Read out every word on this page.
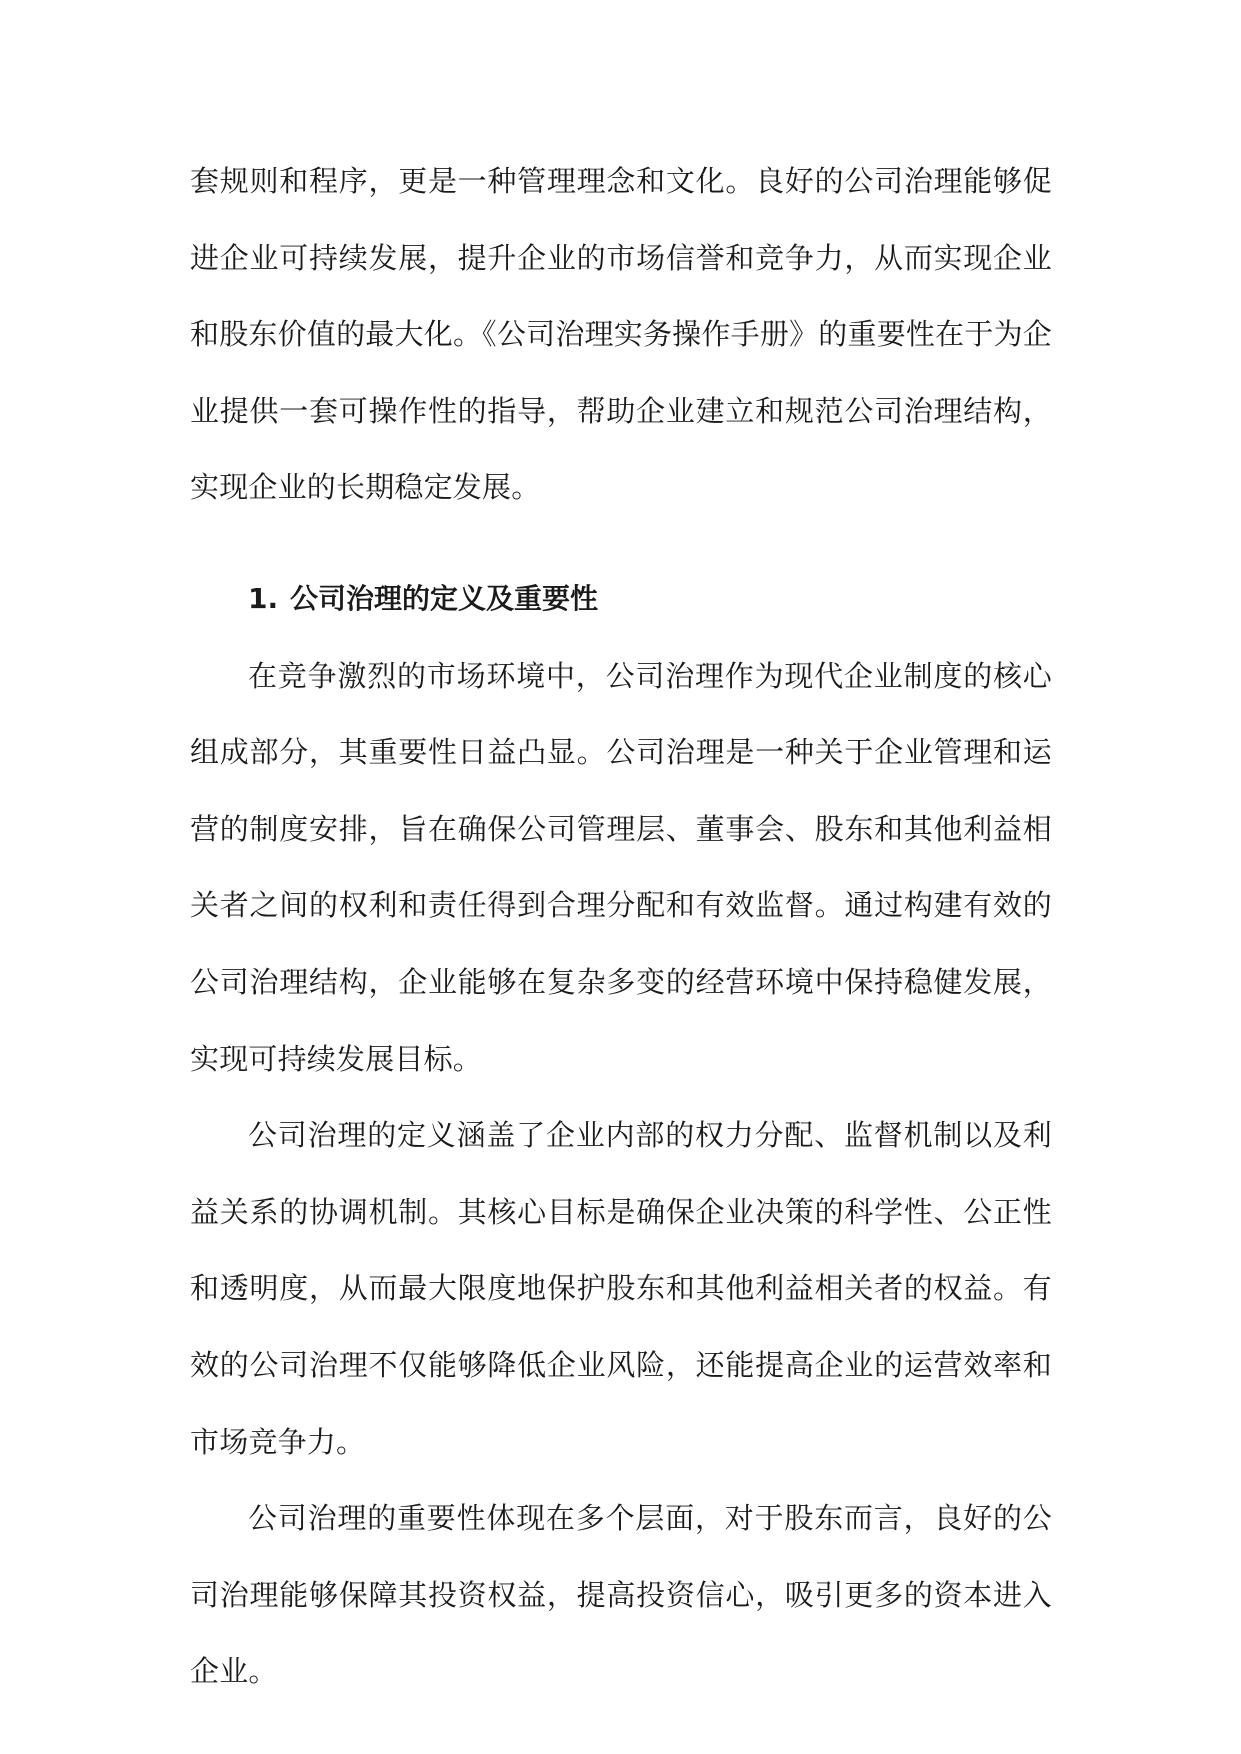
套规则和程序，更是一种管理理念和文化。良好的公司治理能够促进企业可持续发展，提升企业的市场信誉和竞争力，从而实现企业和股东价值的最大化。《公司治理实务操作手册》的重要性在于为企业提供一套可操作性的指导，帮助企业建立和规范公司治理结构，实现企业的长期稳定发展。

1. 公司治理的定义及重要性

在竞争激烈的市场环境中，公司治理作为现代企业制度的核心组成部分，其重要性日益凸显。公司治理是一种关于企业管理和运营的制度安排，旨在确保公司管理层、董事会、股东和其他利益相关者之间的权利和责任得到合理分配和有效监督。通过构建有效的公司治理结构，企业能够在复杂多变的经营环境中保持稳健发展，实现可持续发展目标。

公司治理的定义涵盖了企业内部的权力分配、监督机制以及利益关系的协调机制。其核心目标是确保企业决策的科学性、公正性和透明度，从而最大限度地保护股东和其他利益相关者的权益。有效的公司治理不仅能够降低企业风险，还能提高企业的运营效率和市场竞争力。

公司治理的重要性体现在多个层面，对于股东而言，良好的公司治理能够保障其投资权益，提高投资信心，吸引更多的资本进入企业。
